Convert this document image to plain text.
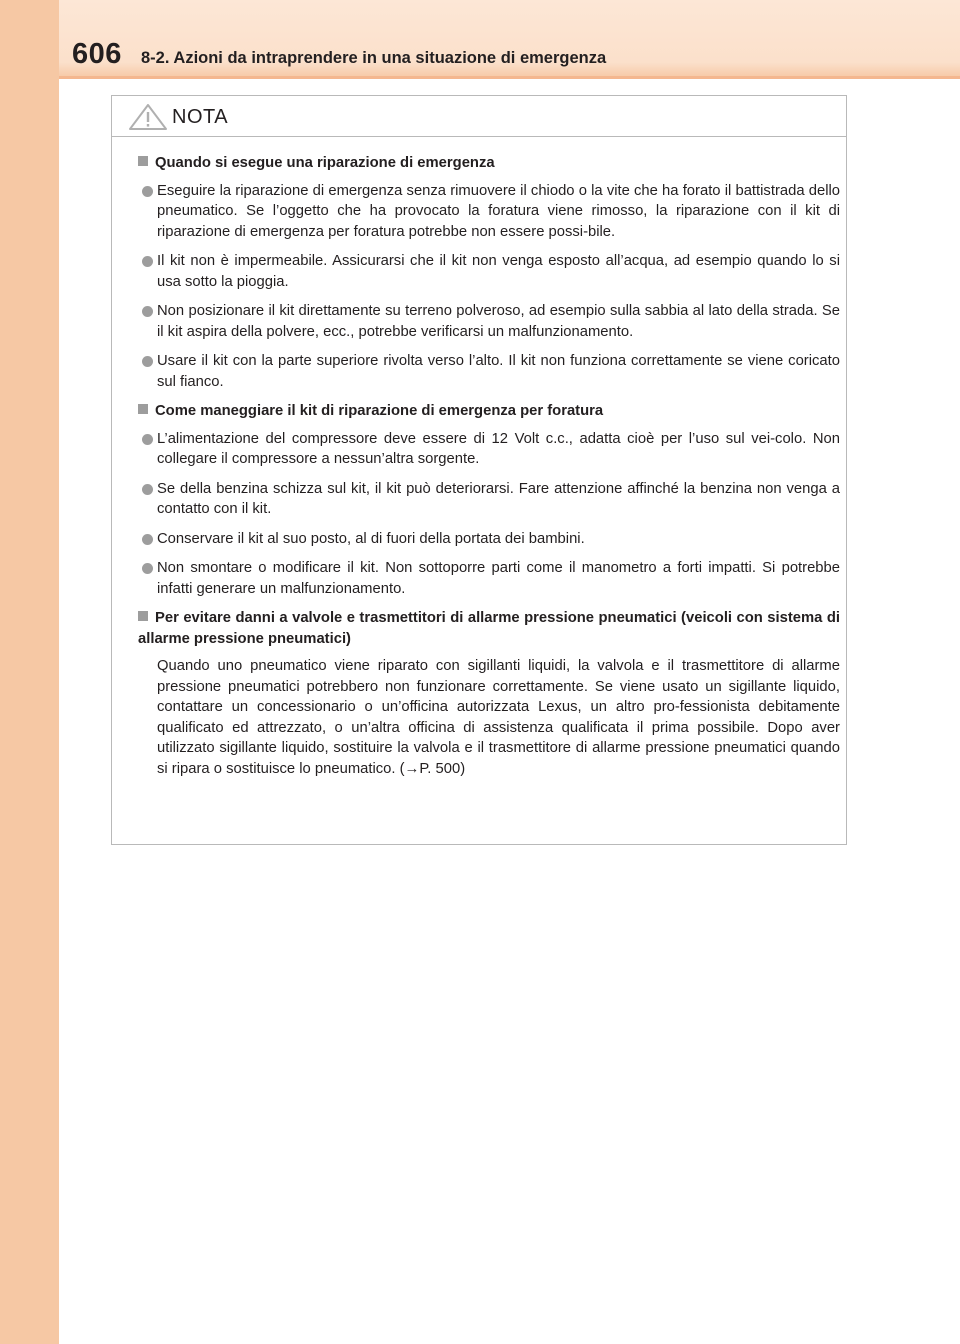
606 8-2. Azioni da intraprendere in una situazione di emergenza
NOTA
Quando si esegue una riparazione di emergenza
Eseguire la riparazione di emergenza senza rimuovere il chiodo o la vite che ha forato il battistrada dello pneumatico. Se l’oggetto che ha provocato la foratura viene rimosso, la riparazione con il kit di riparazione di emergenza per foratura potrebbe non essere possi-bile.
Il kit non è impermeabile. Assicurarsi che il kit non venga esposto all’acqua, ad esempio quando lo si usa sotto la pioggia.
Non posizionare il kit direttamente su terreno polveroso, ad esempio sulla sabbia al lato della strada. Se il kit aspira della polvere, ecc., potrebbe verificarsi un malfunzionamento.
Usare il kit con la parte superiore rivolta verso l’alto. Il kit non funziona correttamente se viene coricato sul fianco.
Come maneggiare il kit di riparazione di emergenza per foratura
L’alimentazione del compressore deve essere di 12 Volt c.c., adatta cioè per l’uso sul vei-colo. Non collegare il compressore a nessun’altra sorgente.
Se della benzina schizza sul kit, il kit può deteriorarsi. Fare attenzione affinché la benzina non venga a contatto con il kit.
Conservare il kit al suo posto, al di fuori della portata dei bambini.
Non smontare o modificare il kit. Non sottoporre parti come il manometro a forti impatti. Si potrebbe infatti generare un malfunzionamento.
Per evitare danni a valvole e trasmettitori di allarme pressione pneumatici (veicoli con sistema di allarme pressione pneumatici)
Quando uno pneumatico viene riparato con sigillanti liquidi, la valvola e il trasmettitore di allarme pressione pneumatici potrebbero non funzionare correttamente. Se viene usato un sigillante liquido, contattare un concessionario o un’officina autorizzata Lexus, un altro pro-fessionista debitamente qualificato ed attrezzato, o un’altra officina di assistenza qualificata il prima possibile. Dopo aver utilizzato sigillante liquido, sostituire la valvola e il trasmettitore di allarme pressione pneumatici quando si ripara o sostituisce lo pneumatico. (→P. 500)
